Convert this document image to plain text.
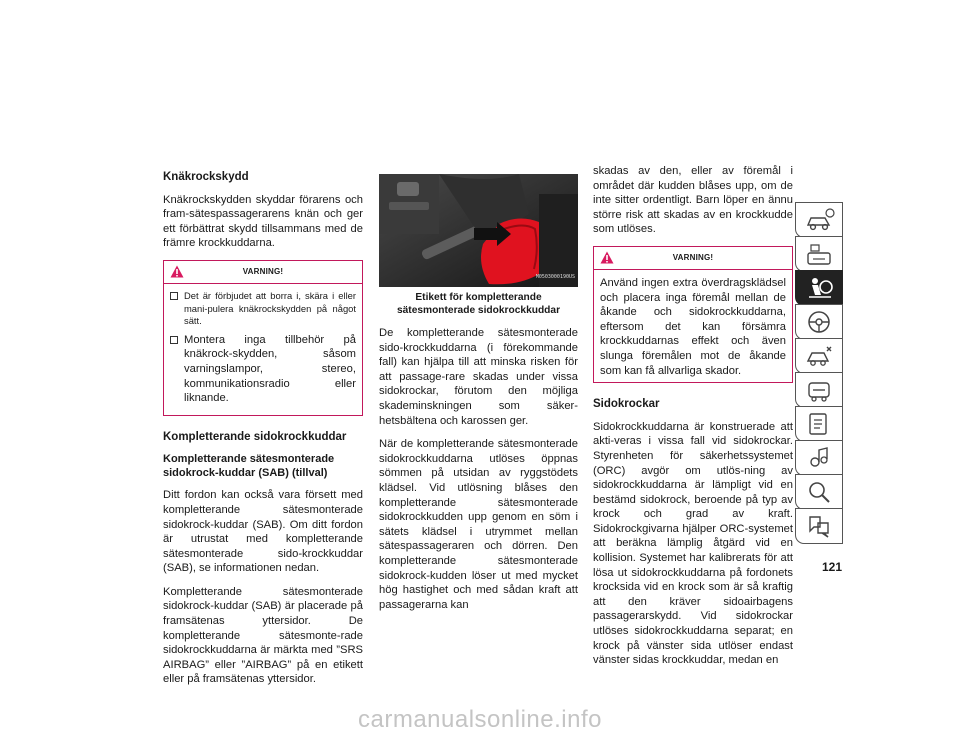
Knäkrockskydd

Knäkrockskydden skyddar förarens och fram-sätespassagerarens knän och ger ett förbättrat skydd tillsammans med de främre krockkuddarna.

VARNING!
Det är förbjudet att borra i, skära i eller mani-pulera knäkrockskydden på något sätt.
Montera inga tillbehör på knäkrock-skydden, såsom varningslampor, stereo, kommunikationsradio eller liknande.
Kompletterande sidokrockkuddar
Kompletterande sätesmonterade sidokrock-kuddar (SAB) (tillval)

Ditt fordon kan också vara försett med kompletterande sätesmonterade sidokrock-kuddar (SAB). Om ditt fordon är utrustat med kompletterande sätesmonterade sido-krockkuddar (SAB), se informationen nedan.

Kompletterande sätesmonterade sidokrock-kuddar (SAB) är placerade på framsätenas yttersidor. De kompletterande sätesmonte-rade sidokrockkuddarna är märkta med ”SRS AIRBAG” eller ”AIRBAG” på en etikett eller på framsätenas yttersidor.

M0503000190US
Etikett för kompletterande sätesmonterade sidokrockkuddar

De kompletterande sätesmonterade sido-krockkuddarna (i förekommande fall) kan hjälpa till att minska risken för att passage-rare skadas under vissa sidokrockar, förutom den möjliga skademinskningen som säker-hetsbältena och karossen ger.

När de kompletterande sätesmonterade sidokrockkuddarna utlöses öppnas sömmen på utsidan av ryggstödets klädsel. Vid utlösning blåses den kompletterande sätesmonterade sidokrockkudden upp genom en söm i sätets klädsel i utrymmet mellan sätespassageraren och dörren. Den kompletterande sätesmonterade sidokrock-kudden löser ut med mycket hög hastighet och med sådan kraft att passagerarna kan

skadas av den, eller av föremål i området där kudden blåses upp, om de inte sitter ordentligt. Barn löper en ännu större risk att skadas av en krockkudde som utlöses.

VARNING!
Använd ingen extra överdragsklädsel och placera inga föremål mellan de åkande och sidokrockkuddarna, eftersom det kan försämra krockkuddarnas effekt och även slunga föremålen mot de åkande som kan få allvarliga skador.
Sidokrockar

Sidokrockkuddarna är konstruerade att akti-veras i vissa fall vid sidokrockar. Styrenheten för säkerhetssystemet (ORC) avgör om utlös-ning av sidokrockkuddarna är lämpligt vid en bestämd sidokrock, beroende på typ av krock och grad av kraft. Sidokrockgivarna hjälper ORC-systemet att beräkna lämplig åtgärd vid en kollision. Systemet har kalibrerats för att lösa ut sidokrockkuddarna på fordonets krocksida vid en krock som är så kraftig att den kräver sidoairbagens passagerarskydd. Vid sidokrockar utlöses sidokrockkuddarna separat; en krock på vänster sida utlöser endast vänster sidas krockkuddar, medan en

121
carmanualsonline.info
